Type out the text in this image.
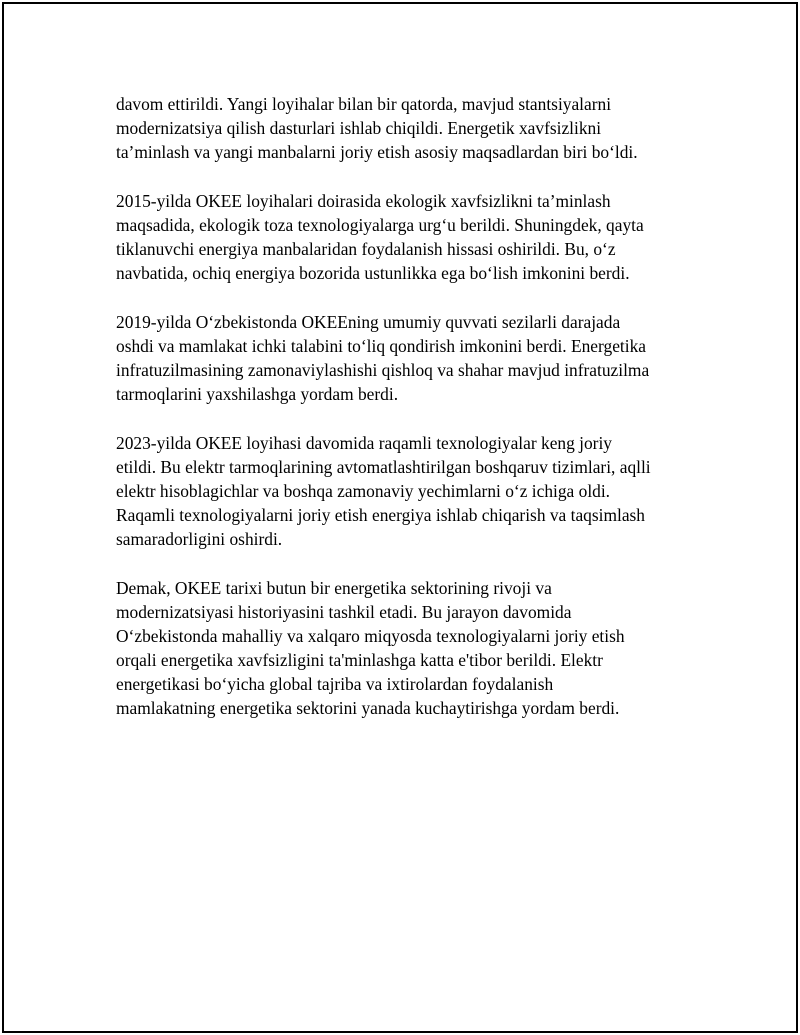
davom ettirildi. Yangi loyihalar bilan bir qatorda, mavjud stantsiyalarni
modernizatsiya qilish dasturlari ishlab chiqildi. Energetik xavfsizlikni
ta’minlash va yangi manbalarni joriy etish asosiy maqsadlardan biri boʻldi.

2015-yilda OKEE loyihalari doirasida ekologik xavfsizlikni ta’minlash
maqsadida, ekologik toza texnologiyalarga urgʻu berildi. Shuningdek, qayta
tiklanuvchi energiya manbalaridan foydalanish hissasi oshirildi. Bu, oʻz
navbatida, ochiq energiya bozorida ustunlikka ega boʻlish imkonini berdi.

2019-yilda Oʻzbekistonda OKEEning umumiy quvvati sezilarli darajada
oshdi va mamlakat ichki talabini toʻliq qondirish imkonini berdi. Energetika
infratuzilmasining zamonaviylashishi qishloq va shahar mavjud infratuzilma
tarmoqlarini yaxshilashga yordam berdi.

2023-yilda OKEE loyihasi davomida raqamli texnologiyalar keng joriy
etildi. Bu elektr tarmoqlarining avtomatlashtirilgan boshqaruv tizimlari, aqlli
elektr hisoblagichlar va boshqa zamonaviy yechimlarni oʻz ichiga oldi.
Raqamli texnologiyalarni joriy etish energiya ishlab chiqarish va taqsimlash
samaradorligini oshirdi.

Demak, OKEE tarixi butun bir energetika sektorining rivoji va
modernizatsiyasi historiyasini tashkil etadi. Bu jarayon davomida
Oʻzbekistonda mahalliy va xalqaro miqyosda texnologiyalarni joriy etish
orqali energetika xavfsizligini ta'minlashga katta e'tibor berildi. Elektr
energetikasi boʻyicha global tajriba va ixtirolardan foydalanish
mamlakatning energetika sektorini yanada kuchaytirishga yordam berdi.
